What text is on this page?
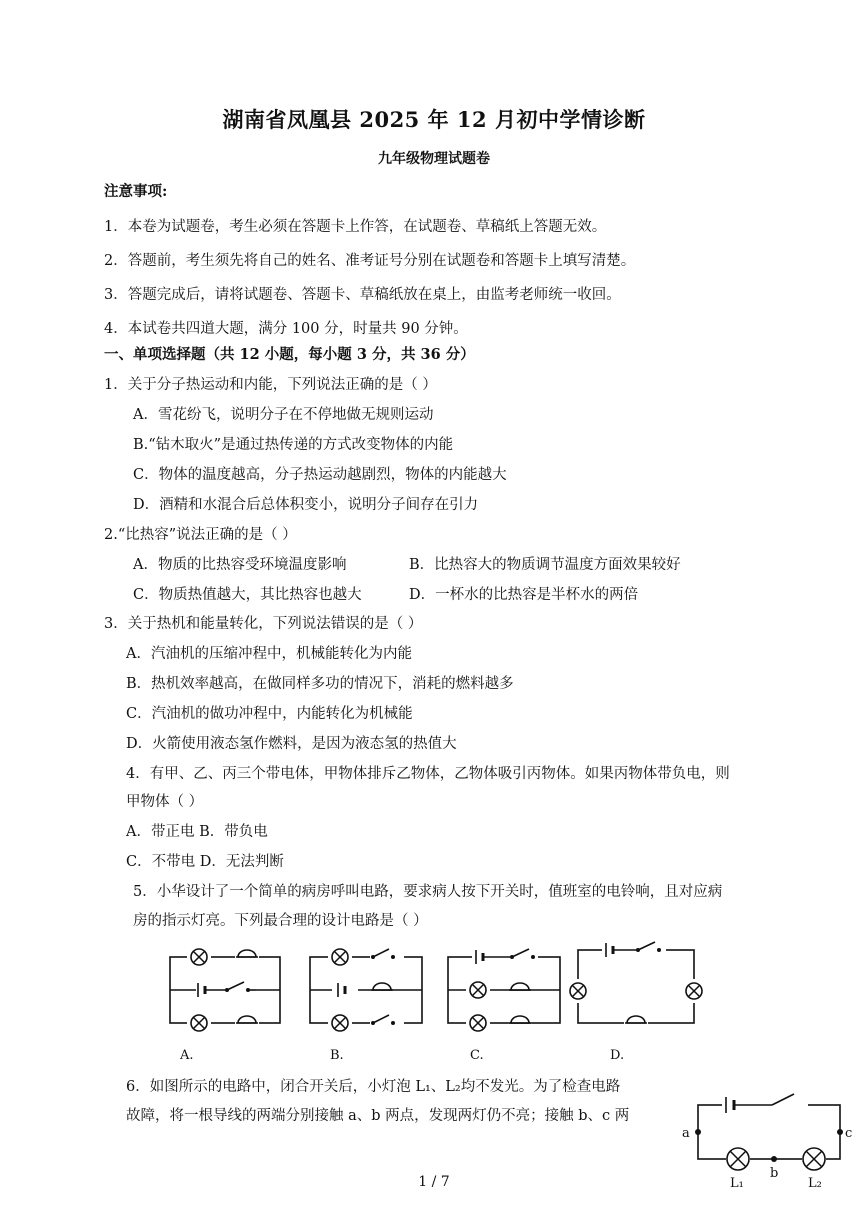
湖南省凤凰县 2025 年 12 月初中学情诊断
九年级物理试题卷
注意事项:
1．本卷为试题卷，考生必须在答题卡上作答，在试题卷、草稿纸上答题无效。
2．答题前，考生须先将自己的姓名、准考证号分别在试题卷和答题卡上填写清楚。
3．答题完成后，请将试题卷、答题卡、草稿纸放在桌上，由监考老师统一收回。
4．本试卷共四道大题，满分 100 分，时量共 90 分钟。
一、单项选择题（共 12 小题，每小题 3 分，共 36 分）
1．关于分子热运动和内能，下列说法正确的是（ ）
A．雪花纷飞，说明分子在不停地做无规则运动
B.“钻木取火”是通过热传递的方式改变物体的内能
C．物体的温度越高，分子热运动越剧烈，物体的内能越大
D．酒精和水混合后总体积变小，说明分子间存在引力
2.“比热容”说法正确的是（ ）
A．物质的比热容受环境温度影响	B．比热容大的物质调节温度方面效果较好
C．物质热值越大，其比热容也越大	D．一杯水的比热容是半杯水的两倍
3．关于热机和能量转化，下列说法错误的是（ ）
A．汽油机的压缩冲程中，机械能转化为内能
B．热机效率越高，在做同样多功的情况下，消耗的燃料越多
C．汽油机的做功冲程中，内能转化为机械能
D．火箭使用液态氢作燃料，是因为液态氢的热值大
4．有甲、乙、丙三个带电体，甲物体排斥乙物体，乙物体吸引丙物体。如果丙物体带负电，则
甲物体（ ）
A．带正电 B．带负电
C．不带电 D．无法判断
5．小华设计了一个简单的病房呼叫电路，要求病人按下开关时，值班室的电铃响，且对应病
房的指示灯亮。下列最合理的设计电路是（ ）
A.	B.	C.	D.
6．如图所示的电路中，闭合开关后，小灯泡 L₁、L₂均不发光。为了检查电路
故障，将一根导线的两端分别接触 a、b 两点，发现两灯仍不亮；接触 b、c 两
a
b
c
L₁	L₂
1 / 7
